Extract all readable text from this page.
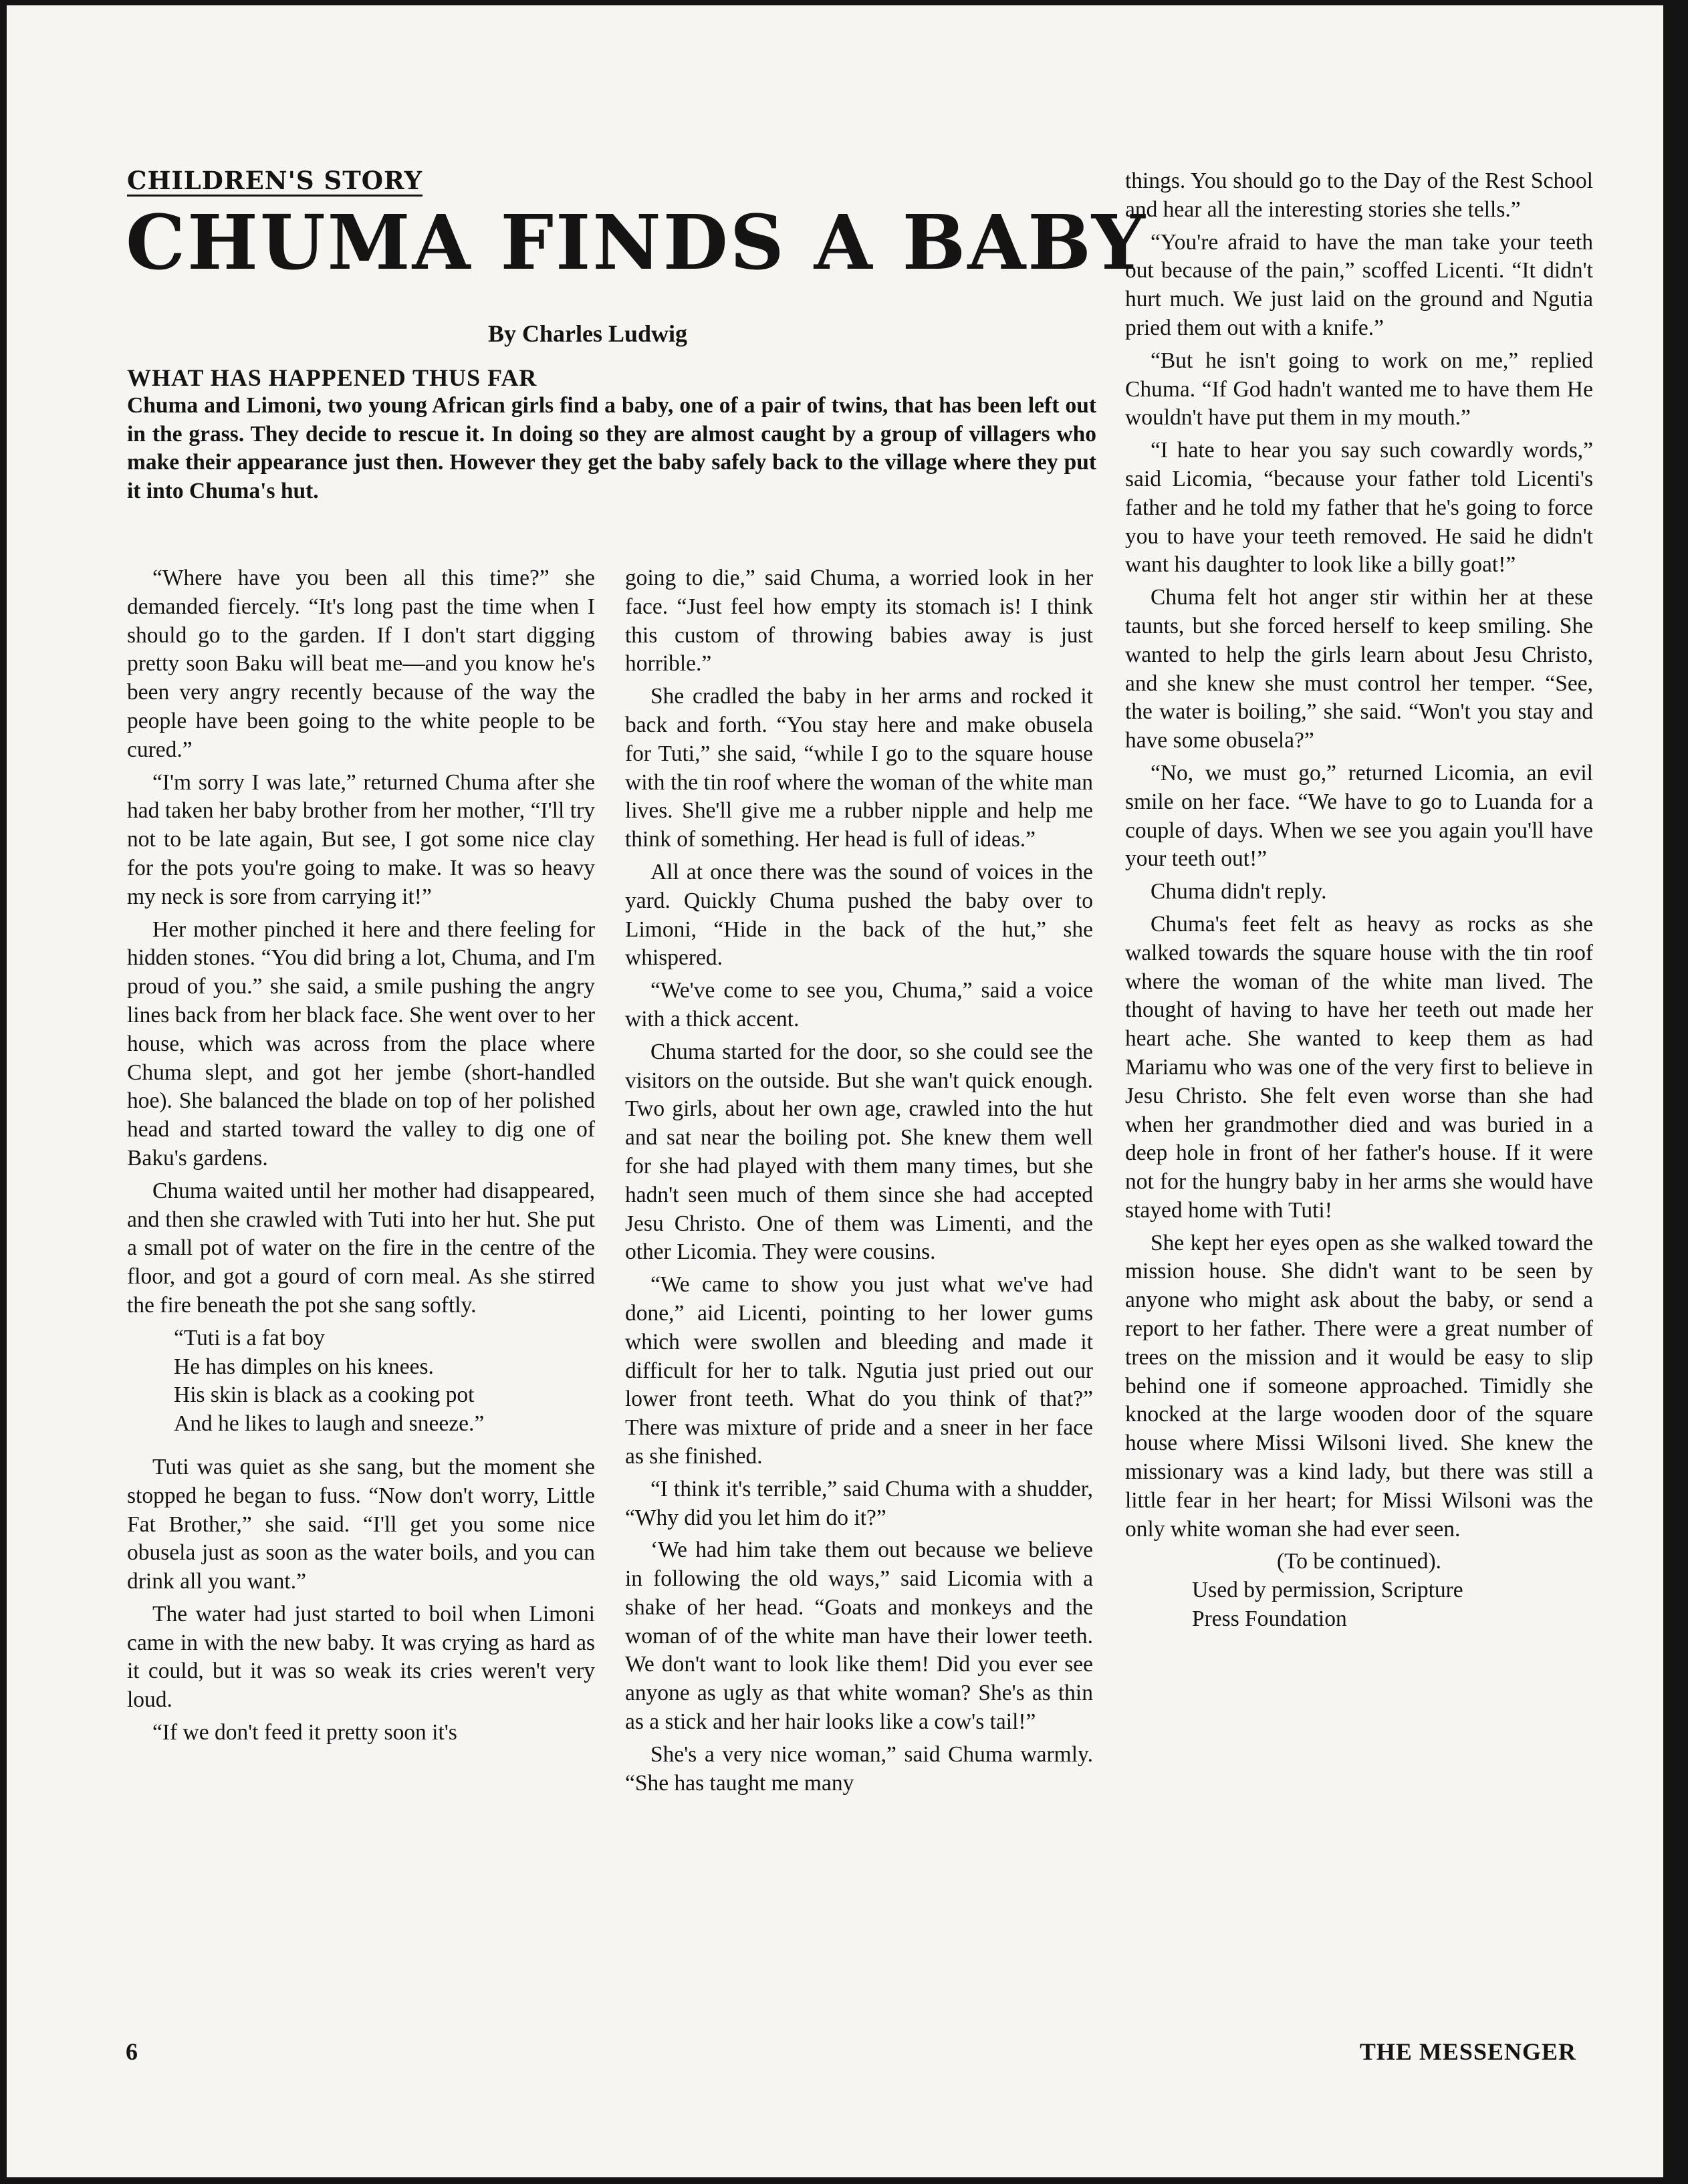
CHILDREN'S STORY
CHUMA FINDS A BABY

By Charles Ludwig

WHAT HAS HAPPENED THUS FAR

Chuma and Limoni, two young African girls find a baby, one of a pair of twins, that has been left out in the grass. They decide to rescue it. In doing so they are almost caught by a group of villagers who make their appearance just then. However they get the baby safely back to the village where they put it into Chuma's hut.

“Where have you been all this time?” she demanded fiercely. “It's long past the time when I should go to the garden. If I don't start digging pretty soon Baku will beat me—and you know he's been very angry recently because of the way the people have been going to the white people to be cured.”

“I'm sorry I was late,” returned Chuma after she had taken her baby brother from her mother, “I'll try not to be late again, But see, I got some nice clay for the pots you're going to make. It was so heavy my neck is sore from carrying it!”

Her mother pinched it here and there feeling for hidden stones. “You did bring a lot, Chuma, and I'm proud of you.” she said, a smile pushing the angry lines back from her black face. She went over to her house, which was across from the place where Chuma slept, and got her jembe (short-handled hoe). She balanced the blade on top of her polished head and started toward the valley to dig one of Baku's gardens.

Chuma waited until her mother had disappeared, and then she crawled with Tuti into her hut. She put a small pot of water on the fire in the centre of the floor, and got a gourd of corn meal. As she stirred the fire beneath the pot she sang softly.

“Tuti is a fat boy
He has dimples on his knees.
His skin is black as a cooking pot
And he likes to laugh and sneeze.”

Tuti was quiet as she sang, but the moment she stopped he began to fuss. “Now don't worry, Little Fat Brother,” she said. “I'll get you some nice obusela just as soon as the water boils, and you can drink all you want.”

The water had just started to boil when Limoni came in with the new baby. It was crying as hard as it could, but it was so weak its cries weren't very loud.

“If we don't feed it pretty soon it's

going to die,” said Chuma, a worried look in her face. “Just feel how empty its stomach is! I think this custom of throwing babies away is just horrible.”

She cradled the baby in her arms and rocked it back and forth. “You stay here and make obusela for Tuti,” she said, “while I go to the square house with the tin roof where the woman of the white man lives. She'll give me a rubber nipple and help me think of something. Her head is full of ideas.”

All at once there was the sound of voices in the yard. Quickly Chuma pushed the baby over to Limoni, “Hide in the back of the hut,” she whispered.

“We've come to see you, Chuma,” said a voice with a thick accent.

Chuma started for the door, so she could see the visitors on the outside. But she wan't quick enough. Two girls, about her own age, crawled into the hut and sat near the boiling pot. She knew them well for she had played with them many times, but she hadn't seen much of them since she had accepted Jesu Christo. One of them was Limenti, and the other Licomia. They were cousins.

“We came to show you just what we've had done,” aid Licenti, pointing to her lower gums which were swollen and bleeding and made it difficult for her to talk. Ngutia just pried out our lower front teeth. What do you think of that?” There was mixture of pride and a sneer in her face as she finished.

“I think it's terrible,” said Chuma with a shudder, “Why did you let him do it?”

‘We had him take them out because we believe in following the old ways,” said Licomia with a shake of her head. “Goats and monkeys and the woman of of the white man have their lower teeth. We don't want to look like them! Did you ever see anyone as ugly as that white woman? She's as thin as a stick and her hair looks like a cow's tail!”

She's a very nice woman,” said Chuma warmly. “She has taught me many

things. You should go to the Day of the Rest School and hear all the interesting stories she tells.”

“You're afraid to have the man take your teeth out because of the pain,” scoffed Licenti. “It didn't hurt much. We just laid on the ground and Ngutia pried them out with a knife.”

“But he isn't going to work on me,” replied Chuma. “If God hadn't wanted me to have them He wouldn't have put them in my mouth.”

“I hate to hear you say such cowardly words,” said Licomia, “because your father told Licenti's father and he told my father that he's going to force you to have your teeth removed. He said he didn't want his daughter to look like a billy goat!”

Chuma felt hot anger stir within her at these taunts, but she forced herself to keep smiling. She wanted to help the girls learn about Jesu Christo, and she knew she must control her temper. “See, the water is boiling,” she said. “Won't you stay and have some obusela?”

“No, we must go,” returned Licomia, an evil smile on her face. “We have to go to Luanda for a couple of days. When we see you again you'll have your teeth out!”

Chuma didn't reply.

Chuma's feet felt as heavy as rocks as she walked towards the square house with the tin roof where the woman of the white man lived. The thought of having to have her teeth out made her heart ache. She wanted to keep them as had Mariamu who was one of the very first to believe in Jesu Christo. She felt even worse than she had when her grandmother died and was buried in a deep hole in front of her father's house. If it were not for the hungry baby in her arms she would have stayed home with Tuti!

She kept her eyes open as she walked toward the mission house. She didn't want to be seen by anyone who might ask about the baby, or send a report to her father. There were a great number of trees on the mission and it would be easy to slip behind one if someone approached. Timidly she knocked at the large wooden door of the square house where Missi Wilsoni lived. She knew the missionary was a kind lady, but there was still a little fear in her heart; for Missi Wilsoni was the only white woman she had ever seen.

(To be continued).

Used by permission, Scripture
Press Foundation

6	THE MESSENGER
